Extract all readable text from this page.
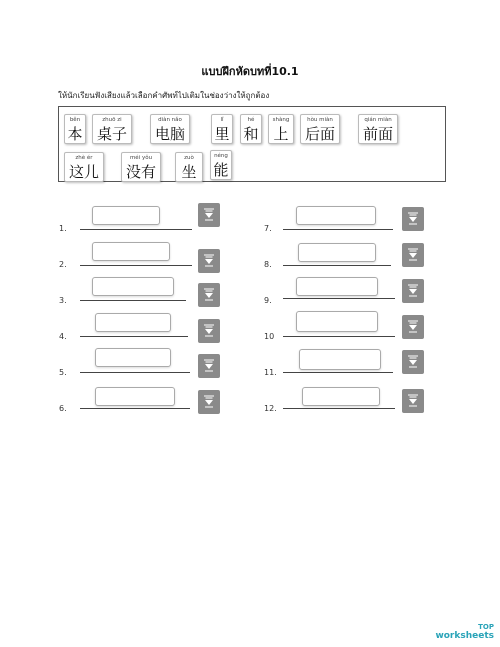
แบบฝึกหัดบทที่10.1
ให้นักเรียนฟังเสียงแล้วเลือกคำศัพท์ไปเติมในช่องว่างให้ถูกต้อง
běn
本
zhuō zi
桌子
diàn nǎo
电脑
lǐ
里
hé
和
shàng
上
hòu miàn
后面
qián miàn
前面
zhè ér
这儿
méi yǒu
没有
zuò
坐
néng
能
1.
2.
3.
4.
5.
6.
7.
8.
9.
10
11.
12.
TOP
worksheets
